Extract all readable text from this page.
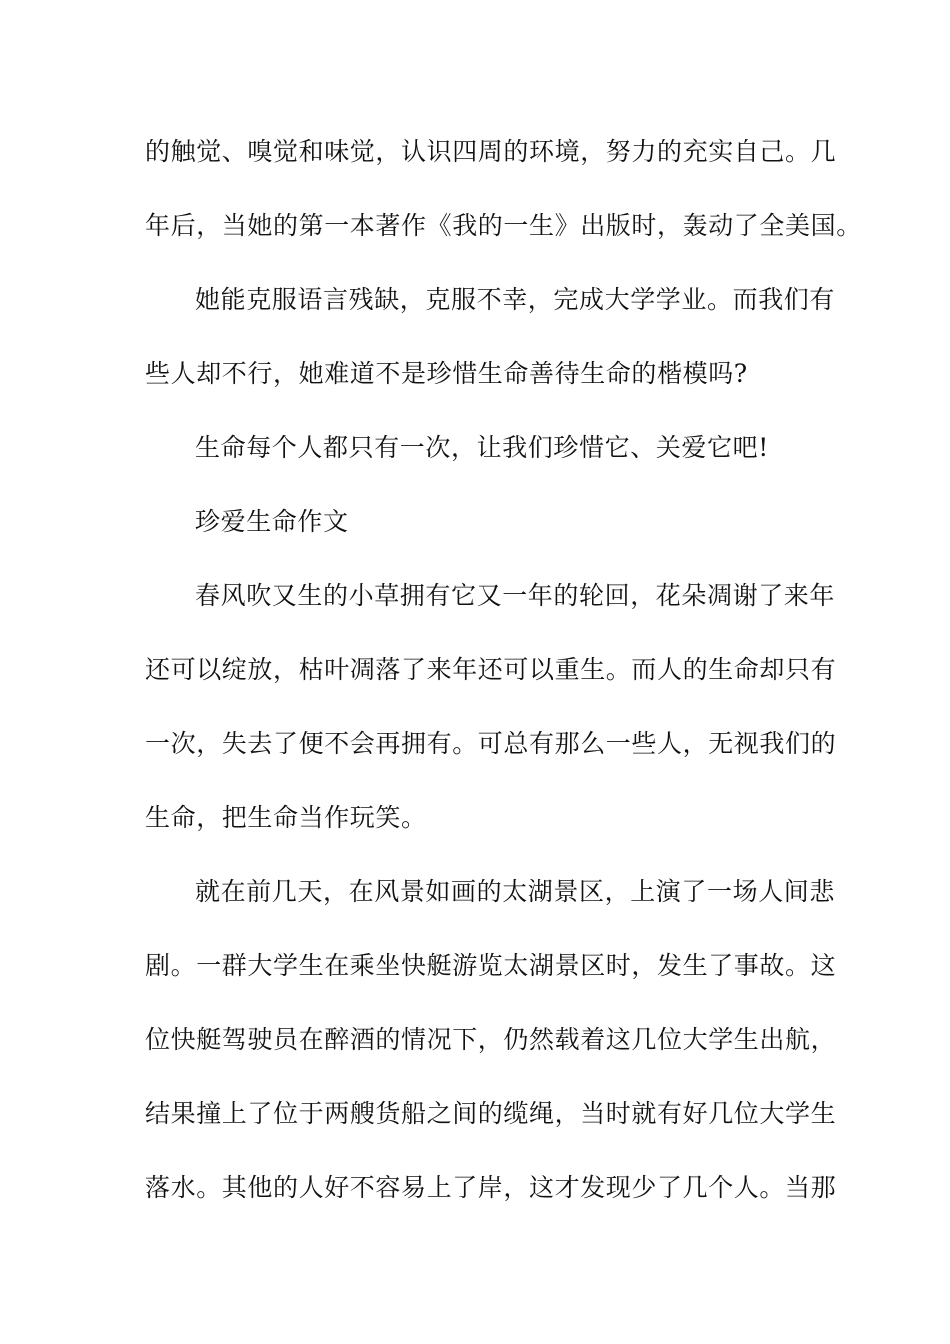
的触觉、嗅觉和味觉，认识四周的环境，努力的充实自己。几
年后，当她的第一本著作《我的一生》出版时，轰动了全美国。
她能克服语言残缺，克服不幸，完成大学学业。而我们有
些人却不行，她难道不是珍惜生命善待生命的楷模吗?
生命每个人都只有一次，让我们珍惜它、关爱它吧!
珍爱生命作文
春风吹又生的小草拥有它又一年的轮回，花朵凋谢了来年
还可以绽放，枯叶凋落了来年还可以重生。而人的生命却只有
一次，失去了便不会再拥有。可总有那么一些人，无视我们的
生命，把生命当作玩笑。
就在前几天，在风景如画的太湖景区，上演了一场人间悲
剧。一群大学生在乘坐快艇游览太湖景区时，发生了事故。这
位快艇驾驶员在醉酒的情况下，仍然载着这几位大学生出航，
结果撞上了位于两艘货船之间的缆绳，当时就有好几位大学生
落水。其他的人好不容易上了岸，这才发现少了几个人。当那
